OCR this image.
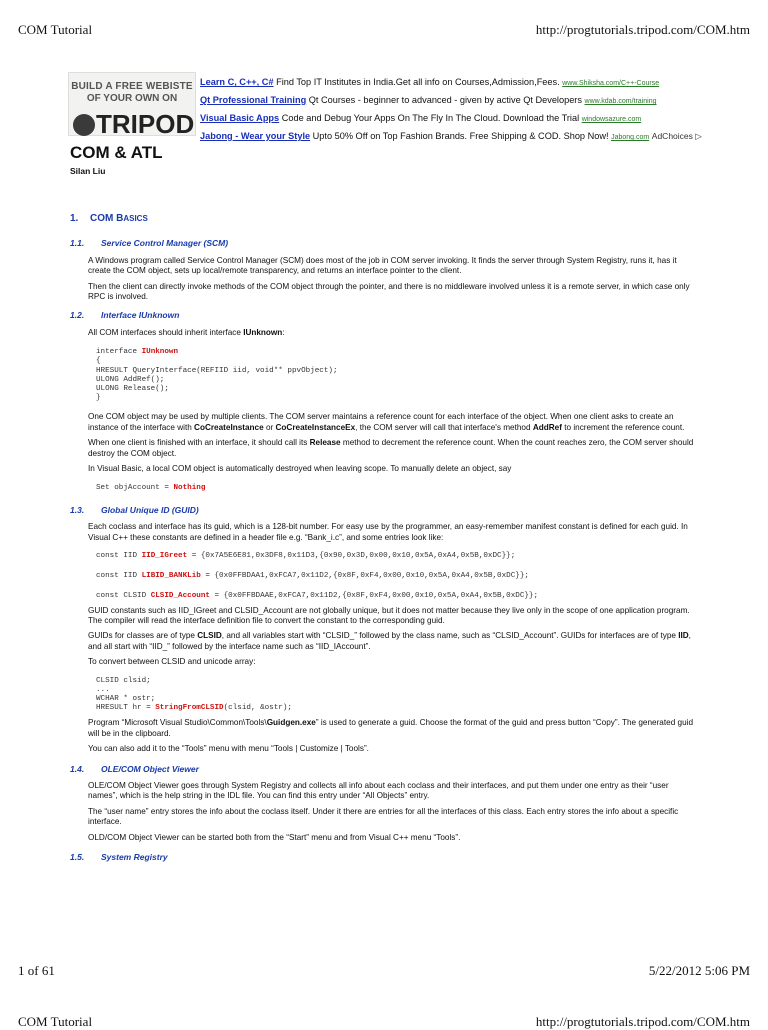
COM Tutorial	http://progtutorials.tripod.com/COM.htm
BUILD A FREE WEBISTE
OF YOUR OWN ON
TRIPOD
Learn C, C++, C# Find Top IT Institutes in India.Get all info on Courses,Admission,Fees. www.Shiksha.com/C++-Course
Qt Professional Training Qt Courses - beginner to advanced - given by active Qt Developers www.kdab.com/training
Visual Basic Apps Code and Debug Your Apps On The Fly In The Cloud. Download the Trial windowsazure.com
Jabong - Wear your Style Upto 50% Off on Top Fashion Brands. Free Shipping & COD. Shop Now! Jabong.com AdChoices ▷
COM & ATL
Silan Liu
1. COM BASICS
1.1. Service Control Manager (SCM)
A Windows program called Service Control Manager (SCM) does most of the job in COM server invoking. It finds the server through System Registry, runs it, has it create the COM object, sets up local/remote transparency, and returns an interface pointer to the client.
Then the client can directly invoke methods of the COM object through the pointer, and there is no middleware involved unless it is a remote server, in which case only RPC is involved.
1.2. Interface IUnknown
All COM interfaces should inherit interface IUnknown:
interface IUnknown
{
HRESULT QueryInterface(REFIID iid, void** ppvObject);
ULONG AddRef();
ULONG Release();
}
One COM object may be used by multiple clients. The COM server maintains a reference count for each interface of the object. When one client asks to create an instance of the interface with CoCreateInstance or CoCreateInstanceEx, the COM server will call that interface's method AddRef to increment the reference count.
When one client is finished with an interface, it should call its Release method to decrement the reference count. When the count reaches zero, the COM server should destroy the COM object.
In Visual Basic, a local COM object is automatically destroyed when leaving scope. To manually delete an object, say
Set objAccount = Nothing
1.3. Global Unique ID (GUID)
Each coclass and interface has its guid, which is a 128-bit number. For easy use by the programmer, an easy-remember manifest constant is defined for each guid. In Visual C++ these constants are defined in a header file e.g. “Bank_i.c”, and some entries look like:
const IID IID_IGreet = {0x7A5E6E81,0x3DF8,0x11D3,{0x90,0x3D,0x00,0x10,0x5A,0xA4,0x5B,0xDC}};
const IID LIBID_BANKLib = {0x0FFBDAA1,0xFCA7,0x11D2,{0x8F,0xF4,0x00,0x10,0x5A,0xA4,0x5B,0xDC}};
const CLSID CLSID_Account = {0x0FFBDAAE,0xFCA7,0x11D2,{0x8F,0xF4,0x00,0x10,0x5A,0xA4,0x5B,0xDC}};
GUID constants such as IID_IGreet and CLSID_Account are not globally unique, but it does not matter because they live only in the scope of one application program. The compiler will read the interface definition file to convert the constant to the corresponding guid.
GUIDs for classes are of type CLSID, and all variables start with “CLSID_” followed by the class name, such as “CLSID_Account”. GUIDs for interfaces are of type IID, and all start with “IID_” followed by the interface name such as “IID_IAccount”.
To convert between CLSID and unicode array:
CLSID clsid;
...
WCHAR * ostr;
HRESULT hr = StringFromCLSID(clsid, &ostr);
Program “Microsoft Visual Studio\Common\Tools\Guidgen.exe” is used to generate a guid. Choose the format of the guid and press button “Copy”. The generated guid will be in the clipboard.
You can also add it to the “Tools” menu with menu “Tools | Customize | Tools”.
1.4. OLE/COM Object Viewer
OLE/COM Object Viewer goes through System Registry and collects all info about each coclass and their interfaces, and put them under one entry as their “user names”, which is the help string in the IDL file. You can find this entry under “All Objects” entry.
The “user name” entry stores the info about the coclass itself. Under it there are entries for all the interfaces of this class. Each entry stores the info about a specific interface.
OLD/COM Object Viewer can be started both from the “Start” menu and from Visual C++ menu “Tools”.
1.5. System Registry
1 of 61	5/22/2012 5:06 PM
COM Tutorial	http://progtutorials.tripod.com/COM.htm
